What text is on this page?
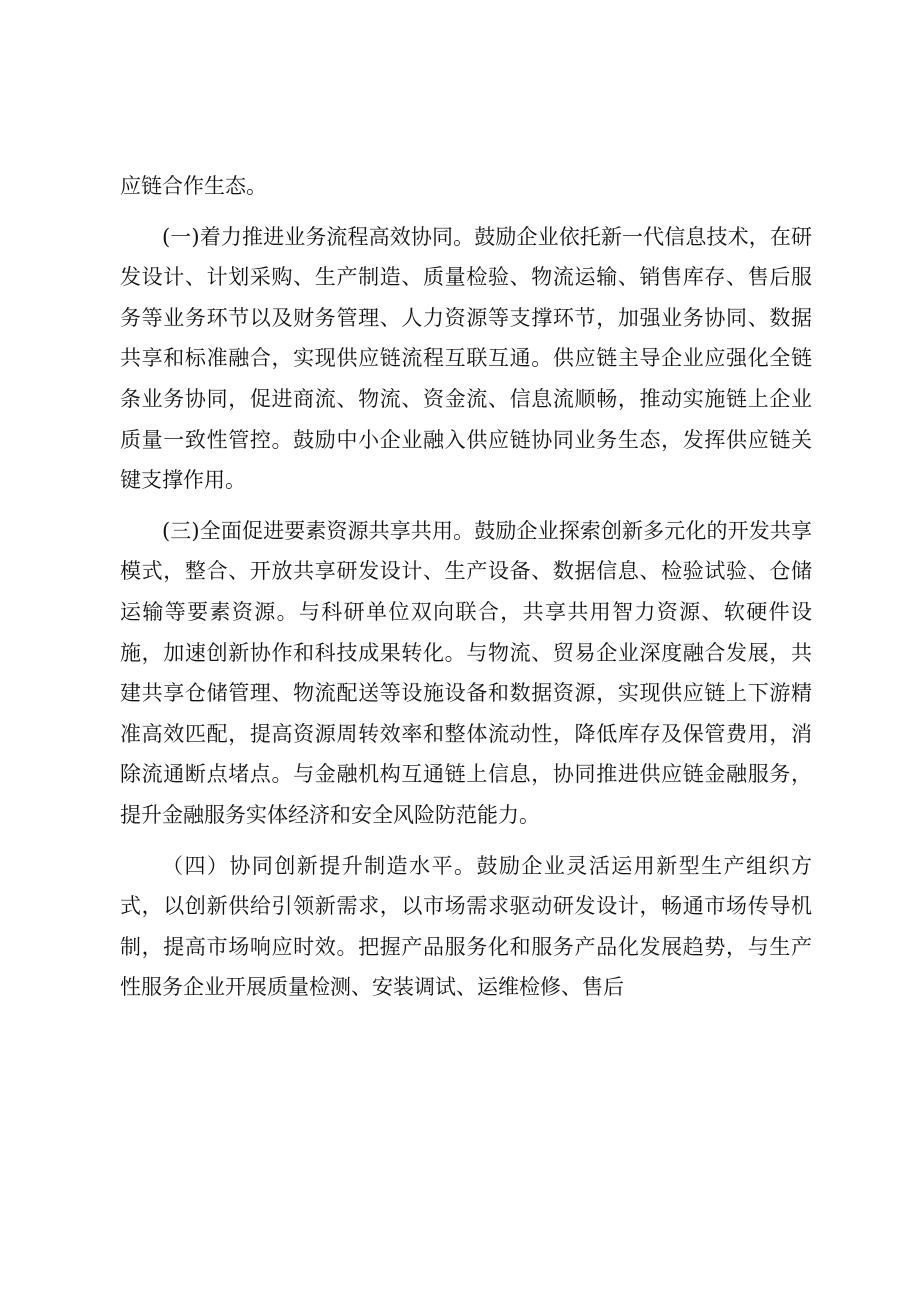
应链合作生态。

(一)着力推进业务流程高效协同。鼓励企业依托新一代信息技术，在研发设计、计划采购、生产制造、质量检验、物流运输、销售库存、售后服务等业务环节以及财务管理、人力资源等支撑环节，加强业务协同、数据共享和标准融合，实现供应链流程互联互通。供应链主导企业应强化全链条业务协同，促进商流、物流、资金流、信息流顺畅，推动实施链上企业质量一致性管控。鼓励中小企业融入供应链协同业务生态，发挥供应链关键支撑作用。

(三)全面促进要素资源共享共用。鼓励企业探索创新多元化的开发共享模式，整合、开放共享研发设计、生产设备、数据信息、检验试验、仓储运输等要素资源。与科研单位双向联合，共享共用智力资源、软硬件设施，加速创新协作和科技成果转化。与物流、贸易企业深度融合发展，共建共享仓储管理、物流配送等设施设备和数据资源，实现供应链上下游精准高效匹配，提高资源周转效率和整体流动性，降低库存及保管费用，消除流通断点堵点。与金融机构互通链上信息，协同推进供应链金融服务，提升金融服务实体经济和安全风险防范能力。

（四）协同创新提升制造水平。鼓励企业灵活运用新型生产组织方式，以创新供给引领新需求，以市场需求驱动研发设计，畅通市场传导机制，提高市场响应时效。把握产品服务化和服务产品化发展趋势，与生产性服务企业开展质量检测、安装调试、运维检修、售后
